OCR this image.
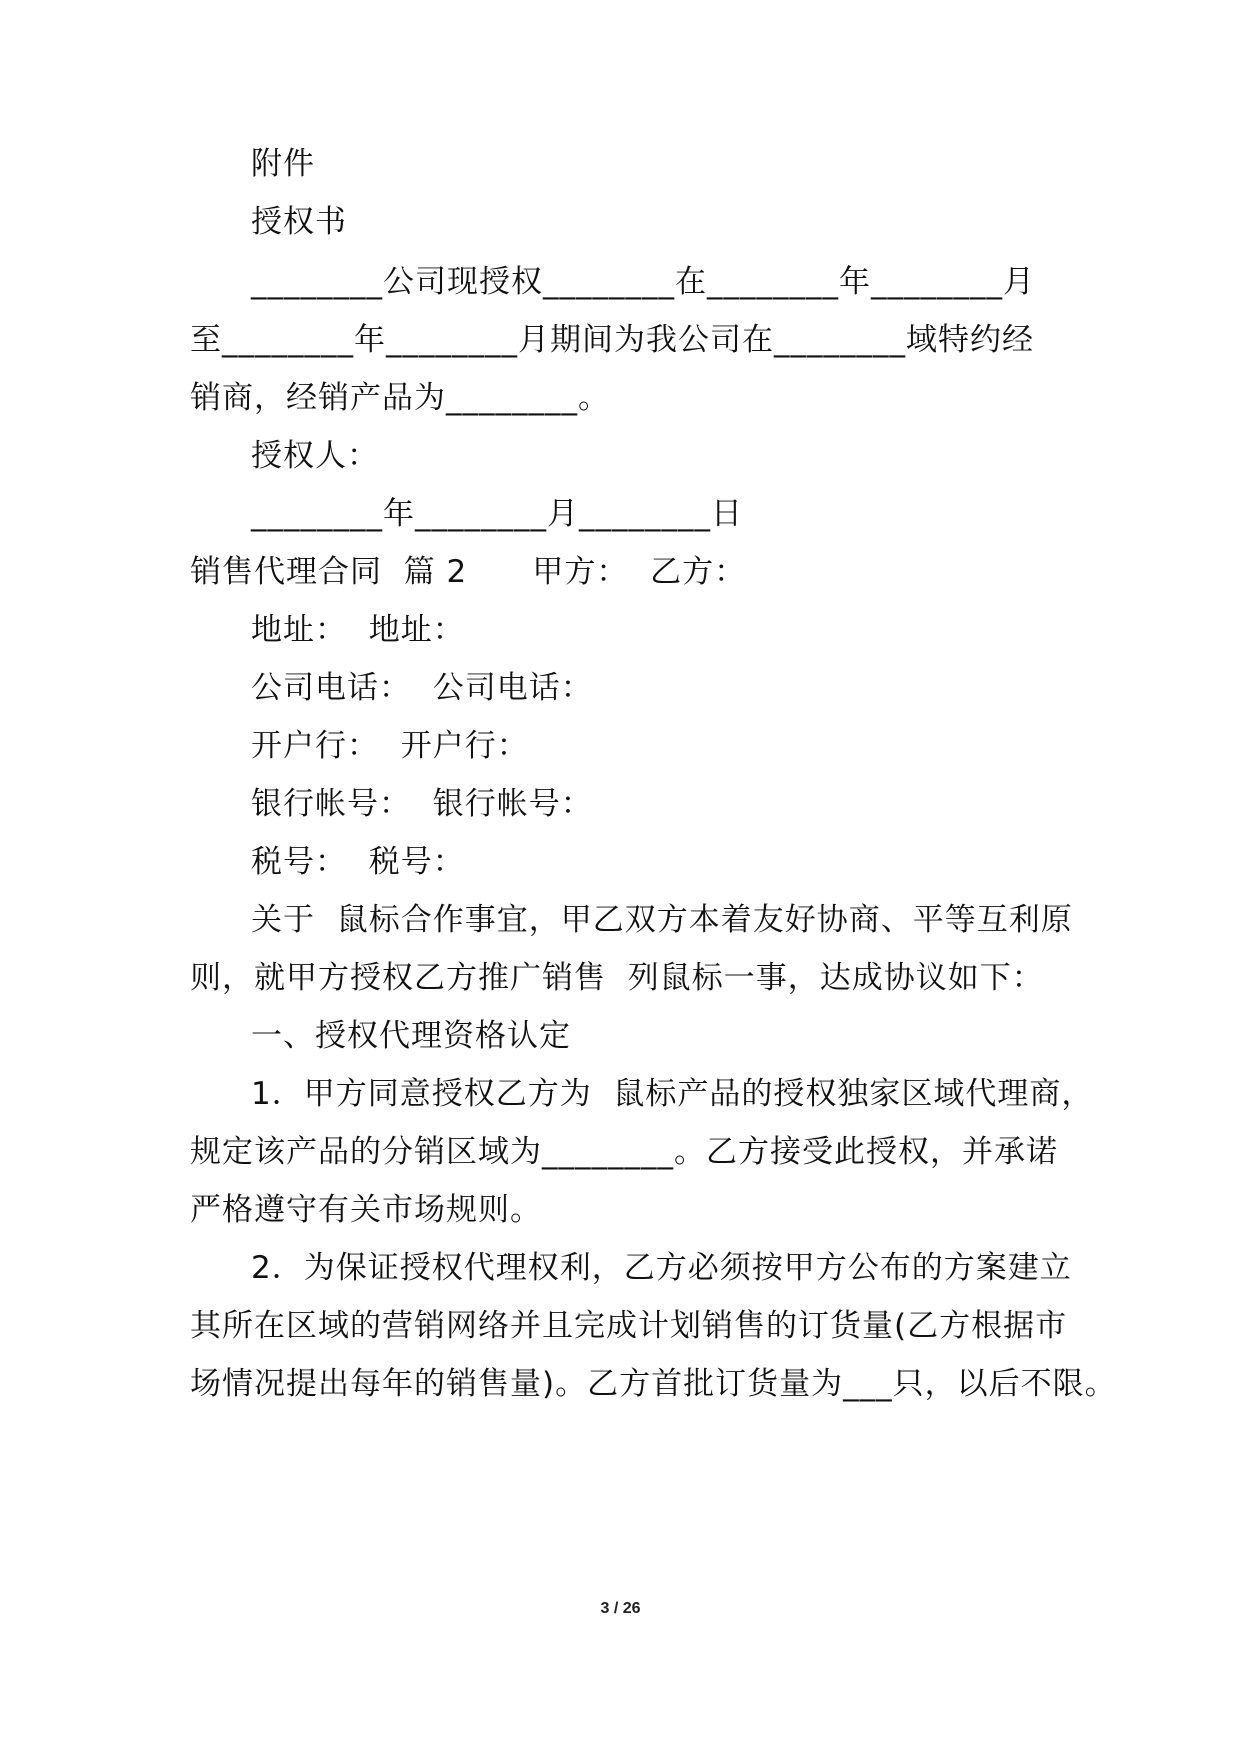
附件
授权书
________公司现授权________在________年________月
至________年________月期间为我公司在________域特约经
销商，经销产品为________。
授权人：
________年________月________日
销售代理合同  篇 2      甲方：  乙方：
地址：  地址：
公司电话：  公司电话：
开户行：  开户行：
银行帐号：  银行帐号：
税号：  税号：
关于  鼠标合作事宜，甲乙双方本着友好协商、平等互利原
则，就甲方授权乙方推广销售  列鼠标一事，达成协议如下：
一、授权代理资格认定
1．甲方同意授权乙方为  鼠标产品的授权独家区域代理商，
规定该产品的分销区域为________。乙方接受此授权，并承诺
严格遵守有关市场规则。
2．为保证授权代理权利，乙方必须按甲方公布的方案建立
其所在区域的营销网络并且完成计划销售的订货量(乙方根据市
场情况提出每年的销售量)。乙方首批订货量为___只，以后不限。
3 / 26
